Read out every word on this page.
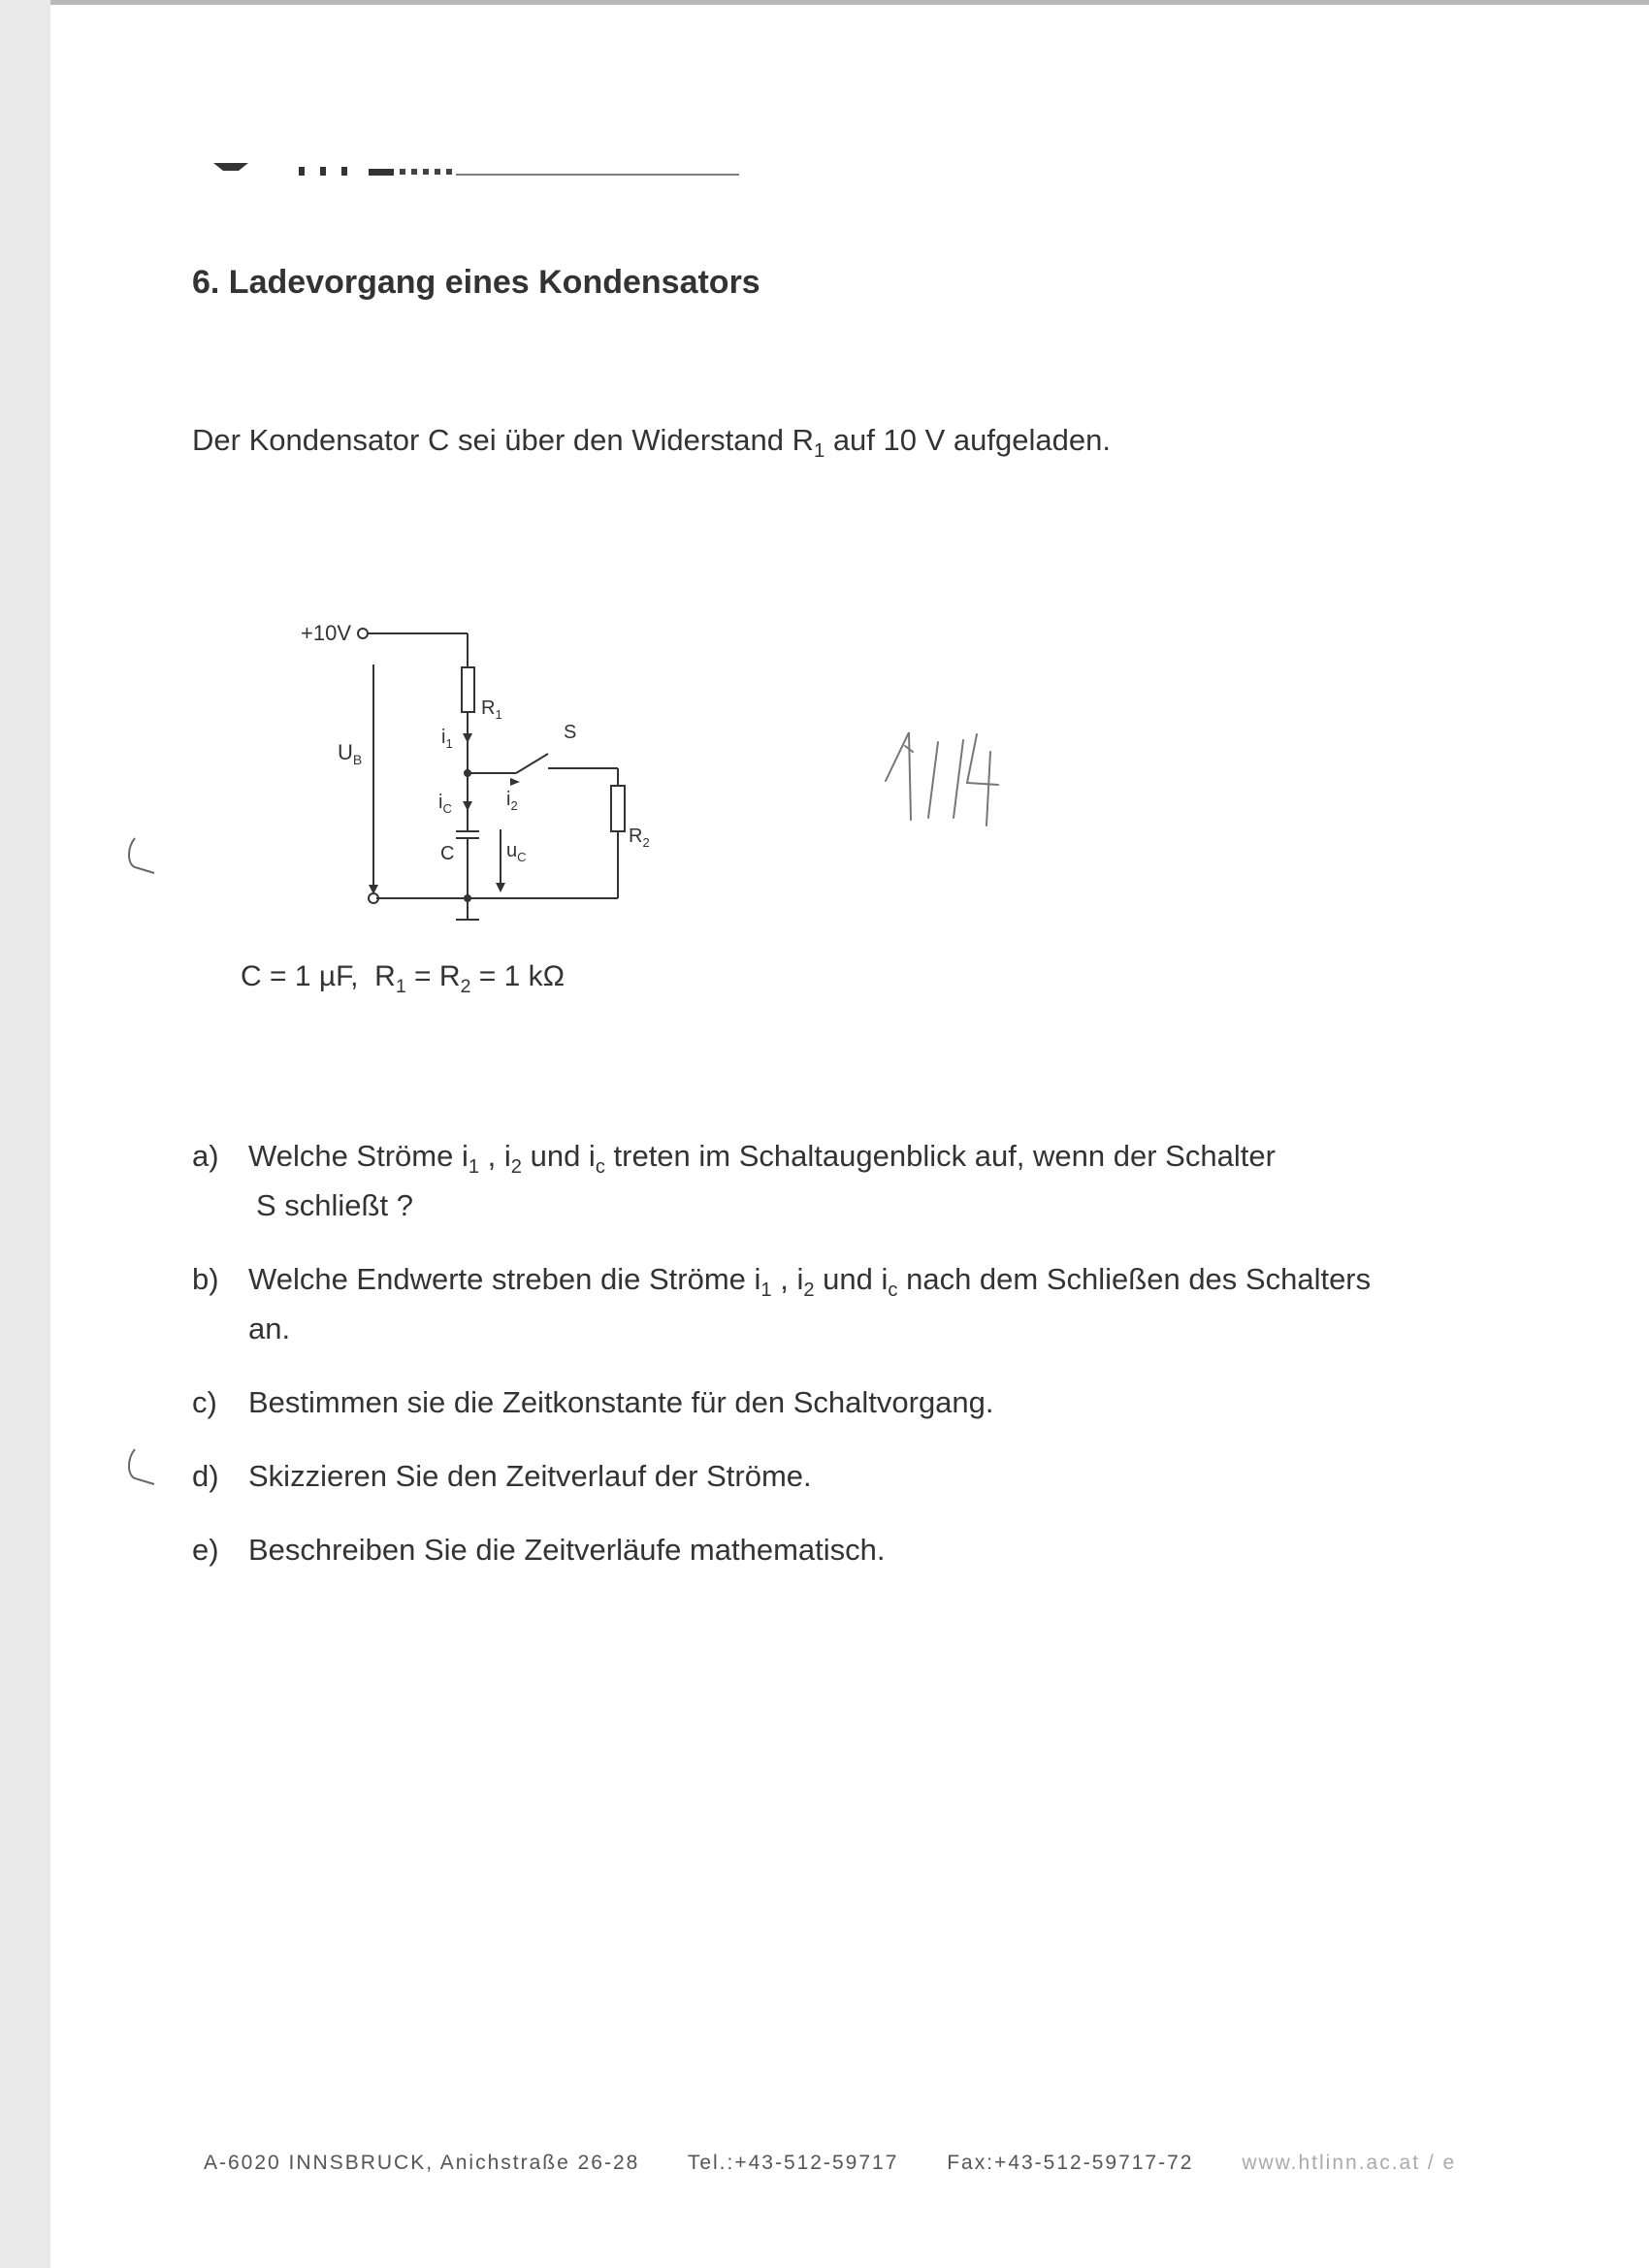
6. Ladevorgang eines Kondensators
Der Kondensator C sei über den Widerstand $R_1$ auf 10 V aufgeladen.
+10V
$U_B$
$R_1$
$R_2$
$i_1$
$i_2$
$i_C$
$u_C$
C
S
C = 1 µF, $R_1 = R_2 = 1$ kΩ
a) Welche Ströme $i_1$ , $i_2$ und $i_c$ treten im Schaltaugenblick auf, wenn der Schalter
S schließt ?
b) Welche Endwerte streben die Ströme $i_1$ , $i_2$ und $i_c$ nach dem Schließen des Schalters
an.
c) Bestimmen sie die Zeitkonstante für den Schaltvorgang.
d) Skizzieren Sie den Zeitverlauf der Ströme.
e) Beschreiben Sie die Zeitverläufe mathematisch.
A-6020 INNSBRUCK, Anichstraße 26-28 Tel.:+43-512-59717 Fax:+43-512-59717-72 www.htlinn.ac.at / e
